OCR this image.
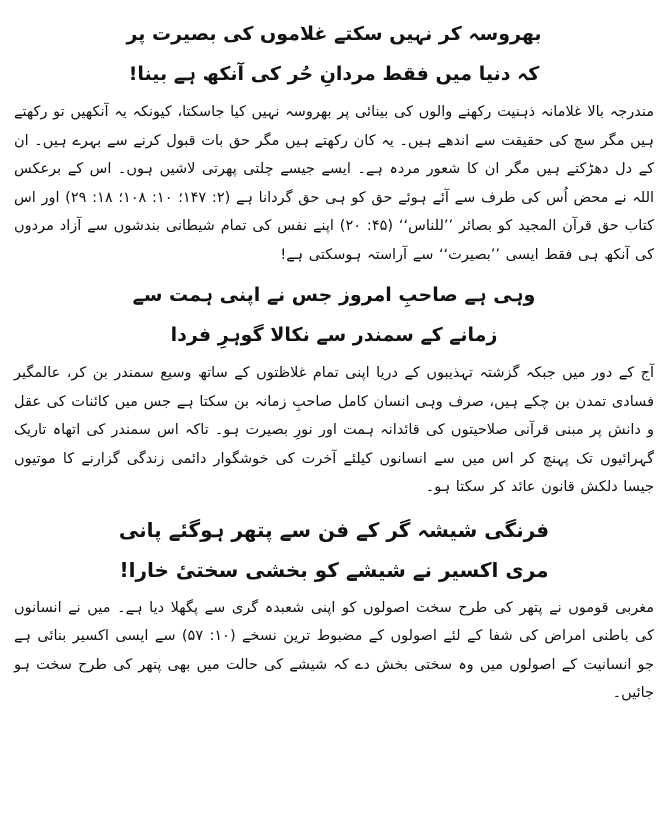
بھروسہ کر نہیں سکتے غلاموں کی بصیرت پر
کہ دنیا میں فقط مردانِ حُر کی آنکھ ہے بینا!

مندرجہ بالا غلامانہ ذہنیت رکھنے والوں کی بینائی پر بھروسہ نہیں کیا جاسکتا، کیونکہ یہ آنکھیں تو رکھتے ہیں مگر سچ کی حقیقت سے اندھے ہیں۔ یہ کان رکھتے ہیں مگر حق بات قبول کرنے سے بہرے ہیں۔ ان کے دل دھڑکتے ہیں مگر ان کا شعور مردہ ہے۔ ایسے جیسے چلتی پھرتی لاشیں ہوں۔ اس کے برعکس اللہ نے محض اُس کی طرف سے آئے ہوئے حق کو ہی حق گردانا ہے (۲: ۱۴۷؛ ۱۰: ۱۰۸؛ ۱۸: ۲۹) اور اس کتاب حق قرآن المجید کو بصائر ’’للناس‘‘ (۴۵: ۲۰) اپنے نفس کی تمام شیطانی بندشوں سے آزاد مردوں کی آنکھ ہی فقط ایسی ’’بصیرت‘‘ سے آراستہ ہوسکتی ہے!

وہی ہے صاحبِ امروز جس نے اپنی ہمت سے
زمانے کے سمندر سے نکالا گوہرِ فردا

آج کے دور میں جبکہ گزشتہ تہذیبوں کے دریا اپنی تمام غلاظتوں کے ساتھ وسیع سمندر بن کر، عالمگیر فسادی تمدن بن چکے ہیں، صرف وہی انسان کامل صاحبِ زمانہ بن سکتا ہے جس میں کائنات کی عقل و دانش پر مبنی قرآنی صلاحیتوں کی قائدانہ ہمت اور نورِ بصیرت ہو۔ تاکہ اس سمندر کی اتھاہ تاریک گہرائیوں تک پہنچ کر اس میں سے انسانوں کیلئے آخرت کی خوشگوار دائمی زندگی گزارنے کا موتیوں جیسا دلکش قانون عائد کر سکتا ہو۔

فرنگی شیشہ گر کے فن سے پتھر ہوگئے پانی
مری اکسیر نے شیشے کو بخشی سختیٔ خارا!

مغربی قوموں نے پتھر کی طرح سخت اصولوں کو اپنی شعبدہ گری سے پگھلا دیا ہے۔ میں نے انسانوں کی باطنی امراض کی شفا کے لئے اصولوں کے مضبوط ترین نسخے (۱۰: ۵۷) سے ایسی اکسیر بنائی ہے جو انسانیت کے اصولوں میں وہ سختی بخش دے کہ شیشے کی حالت میں بھی پتھر کی طرح سخت ہو جائیں۔
